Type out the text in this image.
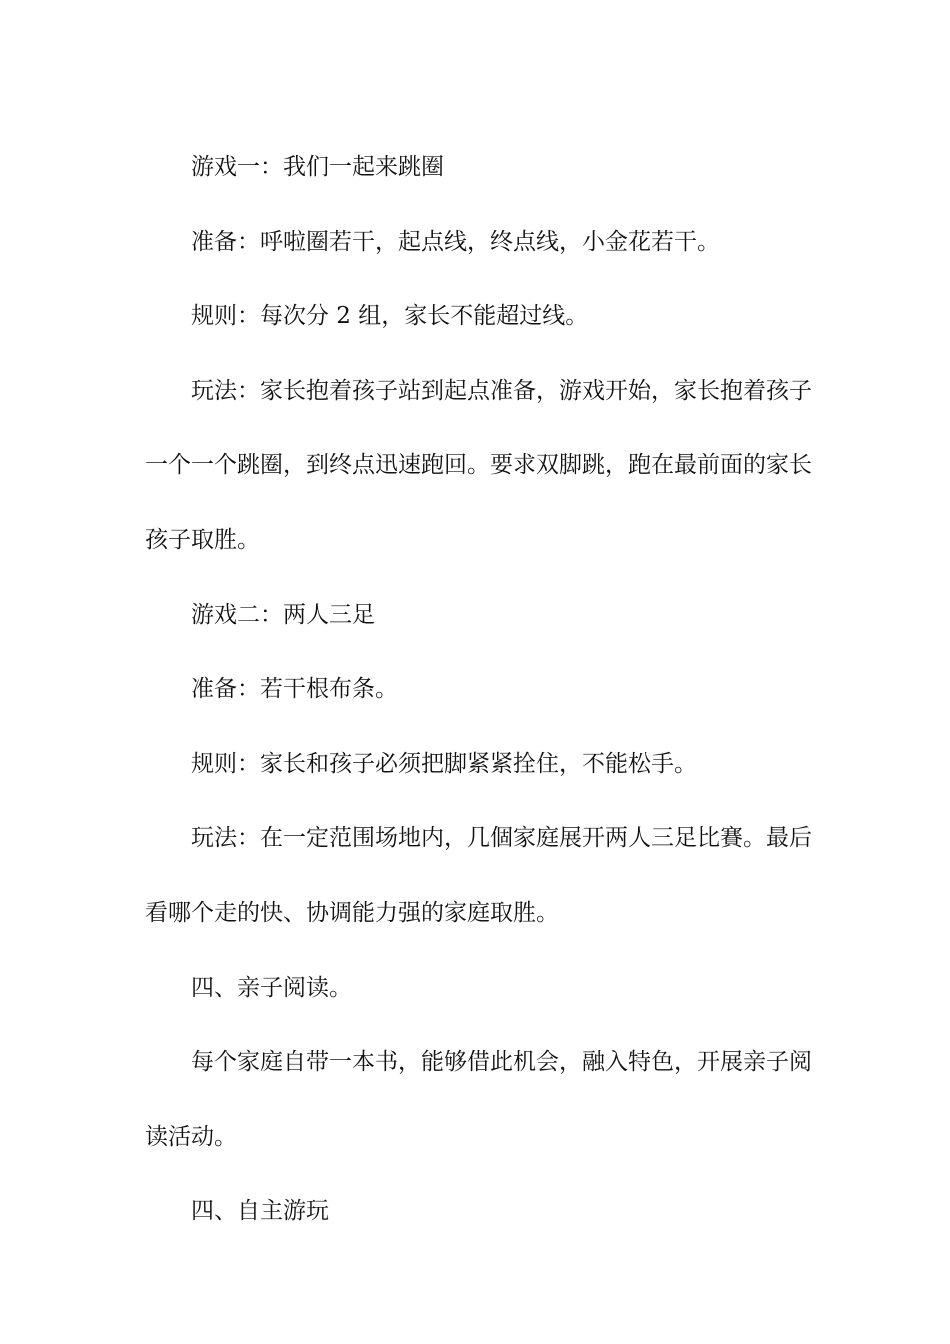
游戏一：我们一起来跳圈

准备：呼啦圈若干，起点线，终点线，小金花若干。

规则：每次分 2 组，家长不能超过线。

玩法：家长抱着孩子站到起点准备，游戏开始，家长抱着孩子一个一个跳圈，到终点迅速跑回。要求双脚跳，跑在最前面的家长孩子取胜。

游戏二：两人三足

准备：若干根布条。

规则：家长和孩子必须把脚紧紧拴住，不能松手。

玩法：在一定范围场地内，几個家庭展开两人三足比賽。最后看哪个走的快、协调能力强的家庭取胜。

四、亲子阅读。

每个家庭自带一本书，能够借此机会，融入特色，开展亲子阅读活动。

四、自主游玩
